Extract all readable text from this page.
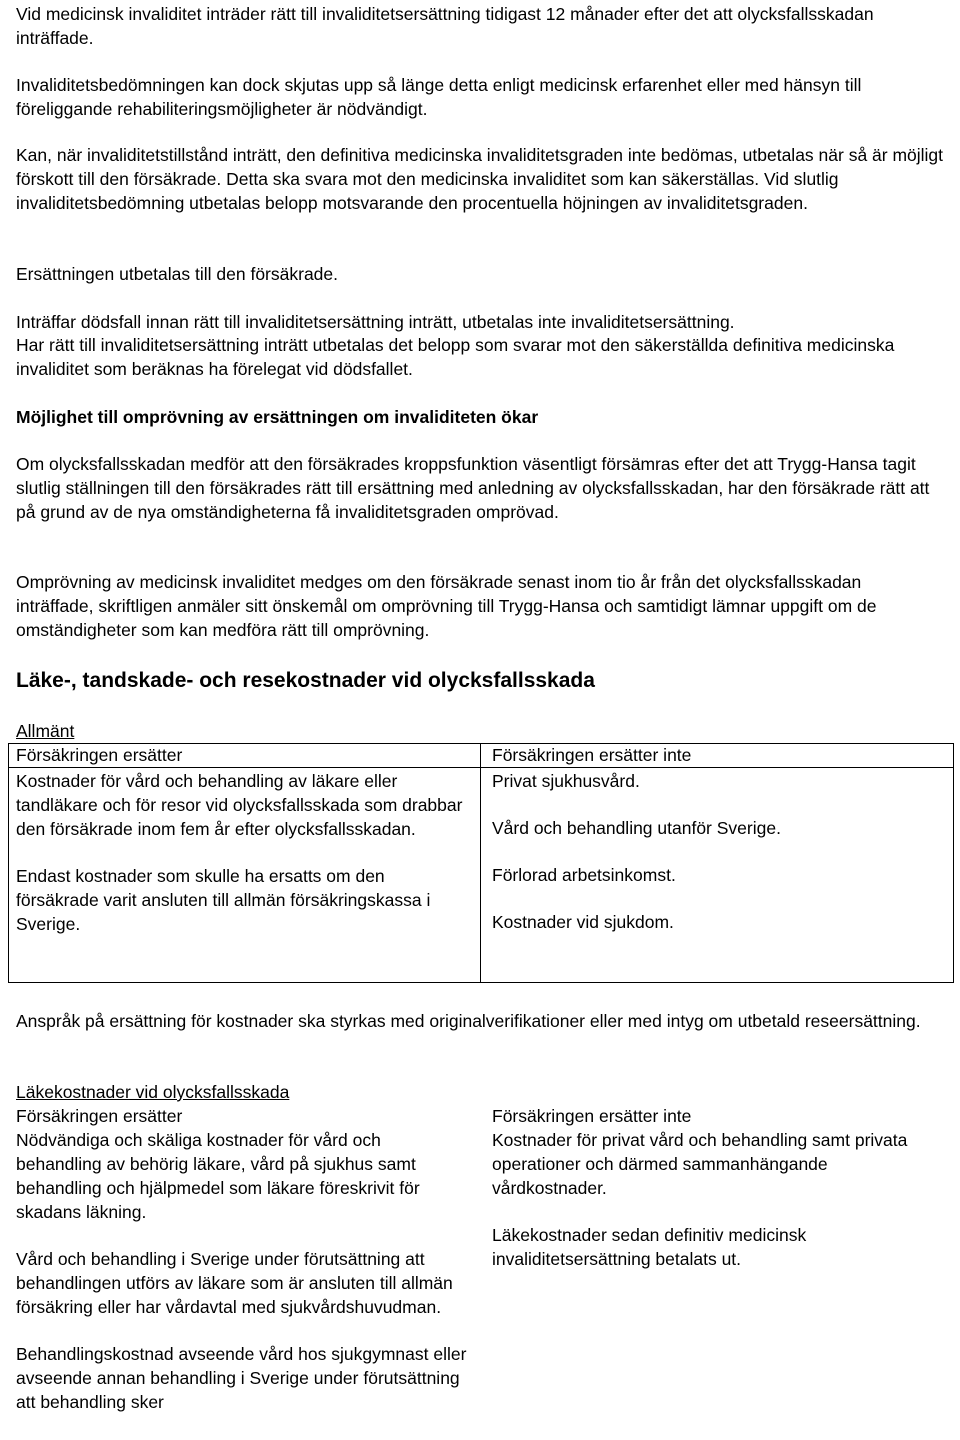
Vid medicinsk invaliditet inträder rätt till invaliditetsersättning tidigast 12 månader efter det att olycksfallsskadan inträffade.

Invaliditetsbedömningen kan dock skjutas upp så länge detta enligt medicinsk erfarenhet eller med hänsyn till föreliggande rehabiliteringsmöjligheter är nödvändigt.

Kan, när invaliditetstillstånd inträtt, den definitiva medicinska invaliditetsgraden inte bedömas, utbetalas när så är möjligt förskott till den försäkrade. Detta ska svara mot den medicinska invaliditet som kan säkerställas. Vid slutlig invaliditetsbedömning utbetalas belopp motsvarande den procentuella höjningen av invaliditetsgraden.

Ersättningen utbetalas till den försäkrade.

Inträffar dödsfall innan rätt till invaliditetsersättning inträtt, utbetalas inte invaliditetsersättning.

Har rätt till invaliditetsersättning inträtt utbetalas det belopp som svarar mot den säkerställda definitiva medicinska invaliditet som beräknas ha förelegat vid dödsfallet.

Möjlighet till omprövning av ersättningen om invaliditeten ökar

Om olycksfallsskadan medför att den försäkrades kroppsfunktion väsentligt försämras efter det att Trygg-Hansa tagit slutlig ställningen till den försäkrades rätt till ersättning med anledning av olycksfallsskadan, har den försäkrade rätt att på grund av de nya omständigheterna få invaliditetsgraden omprövad.

Omprövning av medicinsk invaliditet medges om den försäkrade senast inom tio år från det olycksfallsskadan inträffade, skriftligen anmäler sitt önskemål om omprövning till Trygg-Hansa och samtidigt lämnar uppgift om de omständigheter som kan medföra rätt till omprövning.

Läke-, tandskade- och resekostnader vid olycksfallsskada
Allmänt
Försäkringen ersätter	Försäkringen ersätter inte

Kostnader för vård och behandling av läkare eller tandläkare och för resor vid olycksfallsskada som drabbar den försäkrade inom fem år efter olycksfallsskadan.

Endast kostnader som skulle ha ersatts om den försäkrade varit ansluten till allmän försäkringskassa i Sverige.

Privat sjukhusvård.

Vård och behandling utanför Sverige.

Förlorad arbetsinkomst.

Kostnader vid sjukdom.

Anspråk på ersättning för kostnader ska styrkas med originalverifikationer eller med intyg om utbetald reseersättning.

Läkekostnader vid olycksfallsskada
Försäkringen ersätter	Försäkringen ersätter inte

Nödvändiga och skäliga kostnader för vård och behandling av behörig läkare, vård på sjukhus samt behandling och hjälpmedel som läkare föreskrivit för skadans läkning.

Vård och behandling i Sverige under förutsättning att behandlingen utförs av läkare som är ansluten till allmän försäkring eller har vårdavtal med sjukvårdshuvudman.

Behandlingskostnad avseende vård hos sjukgymnast eller avseende annan behandling i Sverige under förutsättning att behandling sker

Kostnader för privat vård och behandling samt privata operationer och därmed sammanhängande vårdkostnader.

Läkekostnader sedan definitiv medicinsk invaliditetsersättning betalats ut.
